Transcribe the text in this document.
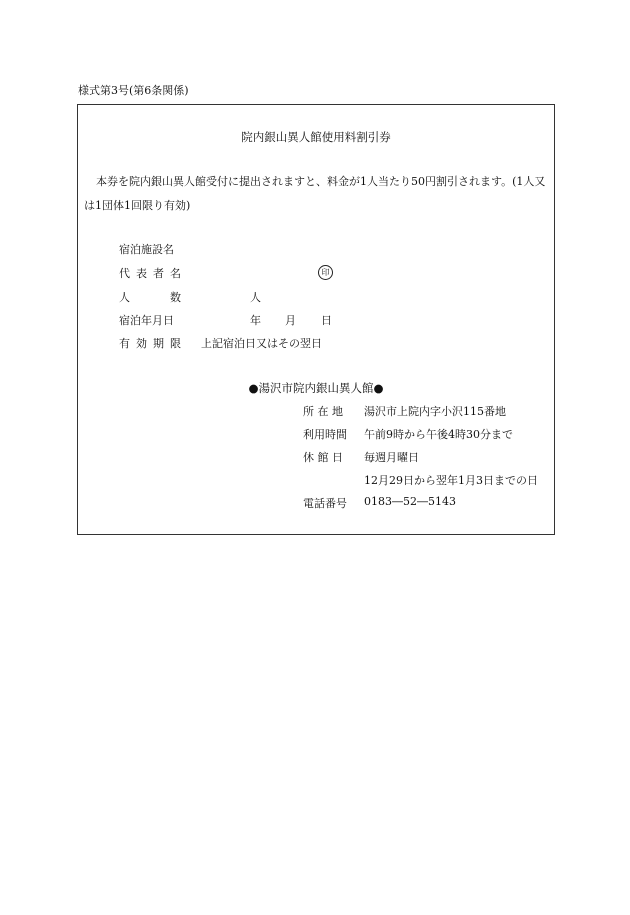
様式第3号(第6条関係)
院内銀山異人館使用料割引券

本券を院内銀山異人館受付に提出されますと、料金が1人当たり50円割引されます。(1人又は1団体1回限り有効)

宿泊施設名
代表者名	印
人	数	人
宿泊年月日	年 月 日
有効期限 上記宿泊日又はその翌日
●湯沢市院内銀山異人館●
所 在 地 湯沢市上院内字小沢115番地
利用時間 午前9時から午後4時30分まで
休 館 日 毎週月曜日
12月29日から翌年1月3日までの日
電話番号 0183―52―5143
